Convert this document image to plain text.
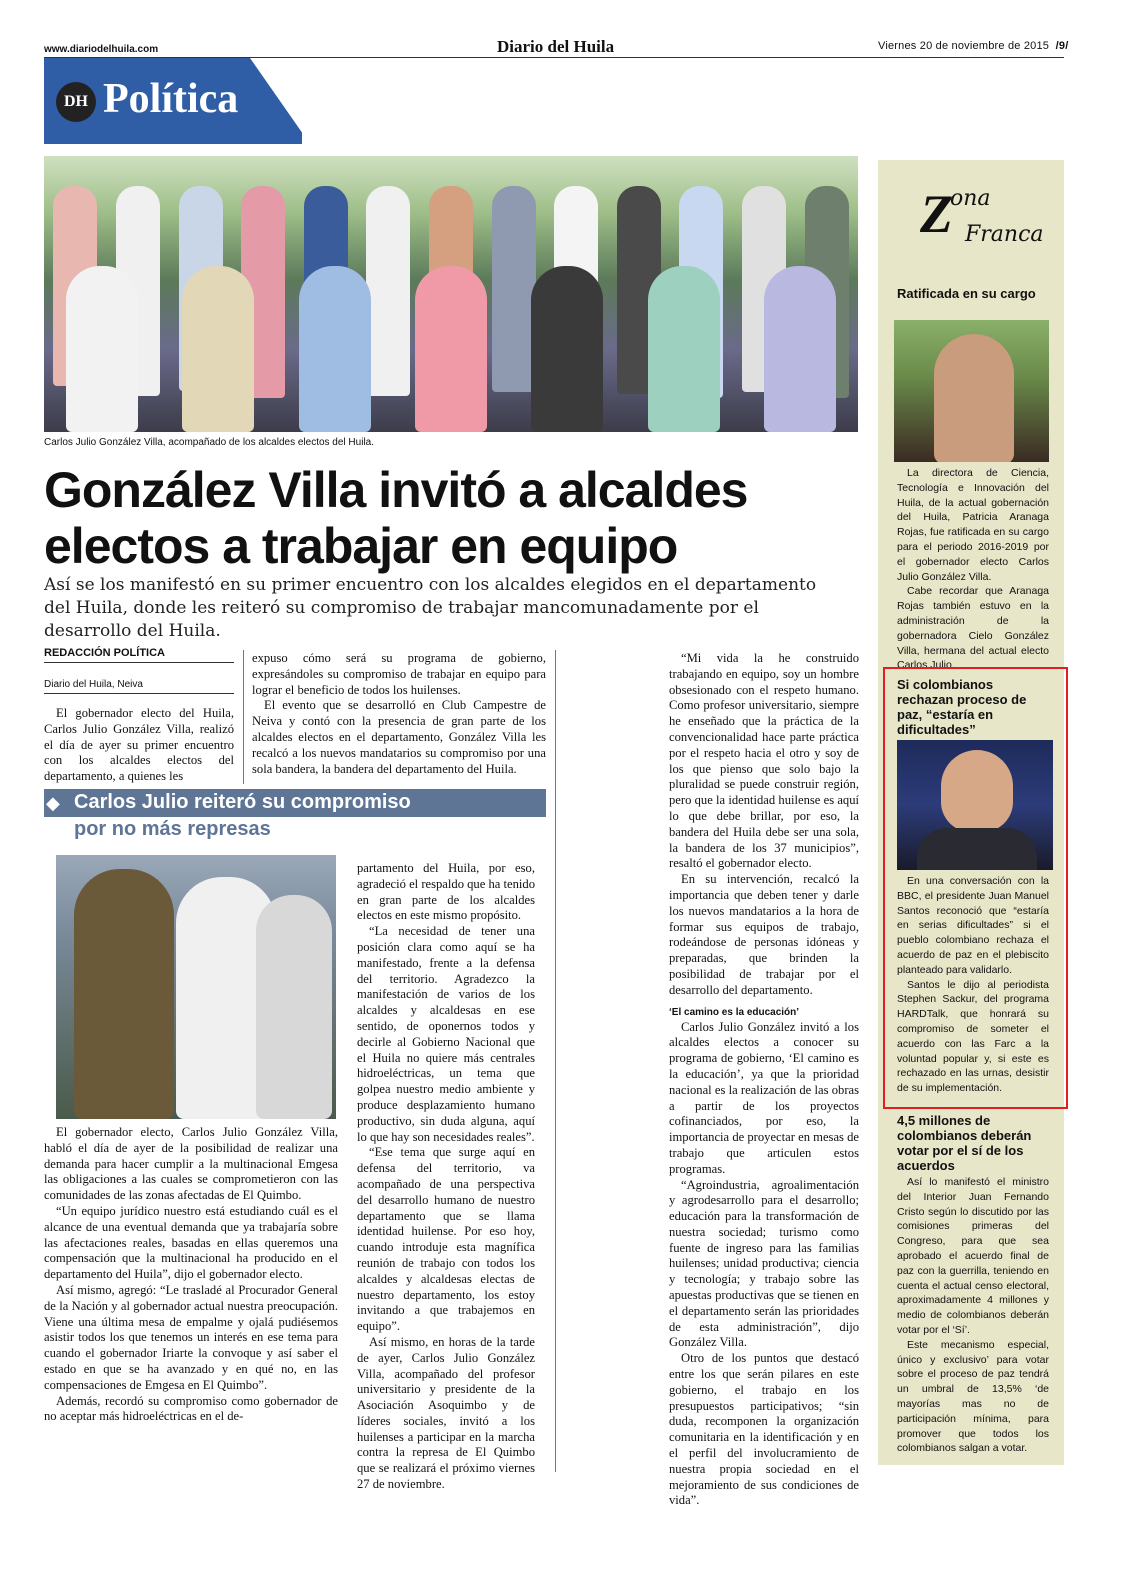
www.diariodelhuila.com	Diario del Huila	Viernes 20 de noviembre de 2015 /9/
DH Política
Carlos Julio González Villa, acompañado de los alcaldes electos del Huila.
González Villa invitó a alcaldes electos a trabajar en equipo
Así se los manifestó en su primer encuentro con los alcaldes elegidos en el departamento del Huila, donde les reiteró su compromiso de trabajar mancomunadamente por el desarrollo del Huila.
REDACCIÓN POLÍTICA
Diario del Huila, Neiva

El gobernador electo del Huila, Carlos Julio González Villa, realizó el día de ayer su primer encuentro con los alcaldes electos del departamento, a quienes les

expuso cómo será su programa de gobierno, expresándoles su compromiso de trabajar en equipo para lograr el beneficio de todos los huilenses.

El evento que se desarrolló en Club Campestre de Neiva y contó con la presencia de gran parte de los alcaldes electos en el departamento, González Villa les recalcó a los nuevos mandatarios su compromiso por una sola bandera, la bandera del departamento del Huila.

◆ Carlos Julio reiteró su compromiso
por no más represas

El gobernador electo, Carlos Julio González Villa, habló el día de ayer de la posibilidad de realizar una demanda para hacer cumplir a la multinacional Emgesa las obligaciones a las cuales se comprometieron con las comunidades de las zonas afectadas de El Quimbo.

“Un equipo jurídico nuestro está estudiando cuál es el alcance de una eventual demanda que ya trabajaría sobre las afectaciones reales, basadas en ellas queremos una compensación que la multinacional ha producido en el departamento del Huila”, dijo el gobernador electo.

Así mismo, agregó: “Le trasladé al Procurador General de la Nación y al gobernador actual nuestra preocupación. Viene una última mesa de empalme y ojalá pudiésemos asistir todos los que tenemos un interés en ese tema para cuando el gobernador Iriarte la convoque y así saber el estado en que se ha avanzado y en qué no, en las compensaciones de Emgesa en El Quimbo”.

Además, recordó su compromiso como gobernador de no aceptar más hidroeléctricas en el de-

partamento del Huila, por eso, agradeció el respaldo que ha tenido en gran parte de los alcaldes electos en este mismo propósito.

“La necesidad de tener una posición clara como aquí se ha manifestado, frente a la defensa del territorio. Agradezco la manifestación de varios de los alcaldes y alcaldesas en ese sentido, de oponernos todos y decirle al Gobierno Nacional que el Huila no quiere más centrales hidroeléctricas, un tema que golpea nuestro medio ambiente y produce desplazamiento humano productivo, sin duda alguna, aquí lo que hay son necesidades reales”.

“Ese tema que surge aquí en defensa del territorio, va acompañado de una perspectiva del desarrollo humano de nuestro departamento que se llama identidad huilense. Por eso hoy, cuando introduje esta magnífica reunión de trabajo con todos los alcaldes y alcaldesas electas de nuestro departamento, los estoy invitando a que trabajemos en equipo”.

Así mismo, en horas de la tarde de ayer, Carlos Julio González Villa, acompañado del profesor universitario y presidente de la Asociación Asoquimbo y de líderes sociales, invitó a los huilenses a participar en la marcha contra la represa de El Quimbo que se realizará el próximo viernes 27 de noviembre.

“Mi vida la he construido trabajando en equipo, soy un hombre obsesionado con el respeto humano. Como profesor universitario, siempre he enseñado que la práctica de la convencionalidad hace parte práctica por el respeto hacia el otro y soy de los que pienso que solo bajo la pluralidad se puede construir región, pero que la identidad huilense es aquí lo que debe brillar, por eso, la bandera del Huila debe ser una sola, la bandera de los 37 municipios”, resaltó el gobernador electo.

En su intervención, recalcó la importancia que deben tener y darle los nuevos mandatarios a la hora de formar sus equipos de trabajo, rodeándose de personas idóneas y preparadas, que brinden la posibilidad de trabajar por el desarrollo del departamento.

‘El camino es la educación’

Carlos Julio González invitó a los alcaldes electos a conocer su programa de gobierno, ‘El camino es la educación’, ya que la prioridad nacional es la realización de las obras a partir de los proyectos cofinanciados, por eso, la importancia de proyectar en mesas de trabajo que articulen estos programas.

“Agroindustria, agroalimentación y agrodesarrollo para el desarrollo; educación para la transformación de nuestra sociedad; turismo como fuente de ingreso para las familias huilenses; unidad productiva; ciencia y tecnología; y trabajo sobre las apuestas productivas que se tienen en el departamento serán las prioridades de esta administración”, dijo González Villa.

Otro de los puntos que destacó entre los que serán pilares en este gobierno, el trabajo en los presupuestos participativos; “sin duda, recomponen la organización comunitaria en la identificación y en el perfil del involucramiento de nuestra propia sociedad en el mejoramiento de sus condiciones de vida”.

Z
ona
Franca
Ratificada en su cargo

La directora de Ciencia, Tecnología e Innovación del Huila, de la actual gobernación del Huila, Patricia Aranaga Rojas, fue ratificada en su cargo para el periodo 2016-2019 por el gobernador electo Carlos Julio González Villa.

Cabe recordar que Aranaga Rojas también estuvo en la administración de la gobernadora Cielo González Villa, hermana del actual electo Carlos Julio.

Si colombianos rechazan proceso de paz, “estaría en dificultades”

En una conversación con la BBC, el presidente Juan Manuel Santos reconoció que “estaría en serias dificultades” si el pueblo colombiano rechaza el acuerdo de paz en el plebiscito planteado para validarlo.

Santos le dijo al periodista Stephen Sackur, del programa HARDTalk, que honrará su compromiso de someter el acuerdo con las Farc a la voluntad popular y, si este es rechazado en las urnas, desistir de su implementación.

4,5 millones de colombianos deberán votar por el sí de los acuerdos

Así lo manifestó el ministro del Interior Juan Fernando Cristo según lo discutido por las comisiones primeras del Congreso, para que sea aprobado el acuerdo final de paz con la guerrilla, teniendo en cuenta el actual censo electoral, aproximadamente 4 millones y medio de colombianos deberán votar por el ‘Sí’.

Este mecanismo especial, único y exclusivo’ para votar sobre el proceso de paz tendrá un umbral de 13,5% ‘de mayorías mas no de participación mínima, para promover que todos los colombianos salgan a votar.
